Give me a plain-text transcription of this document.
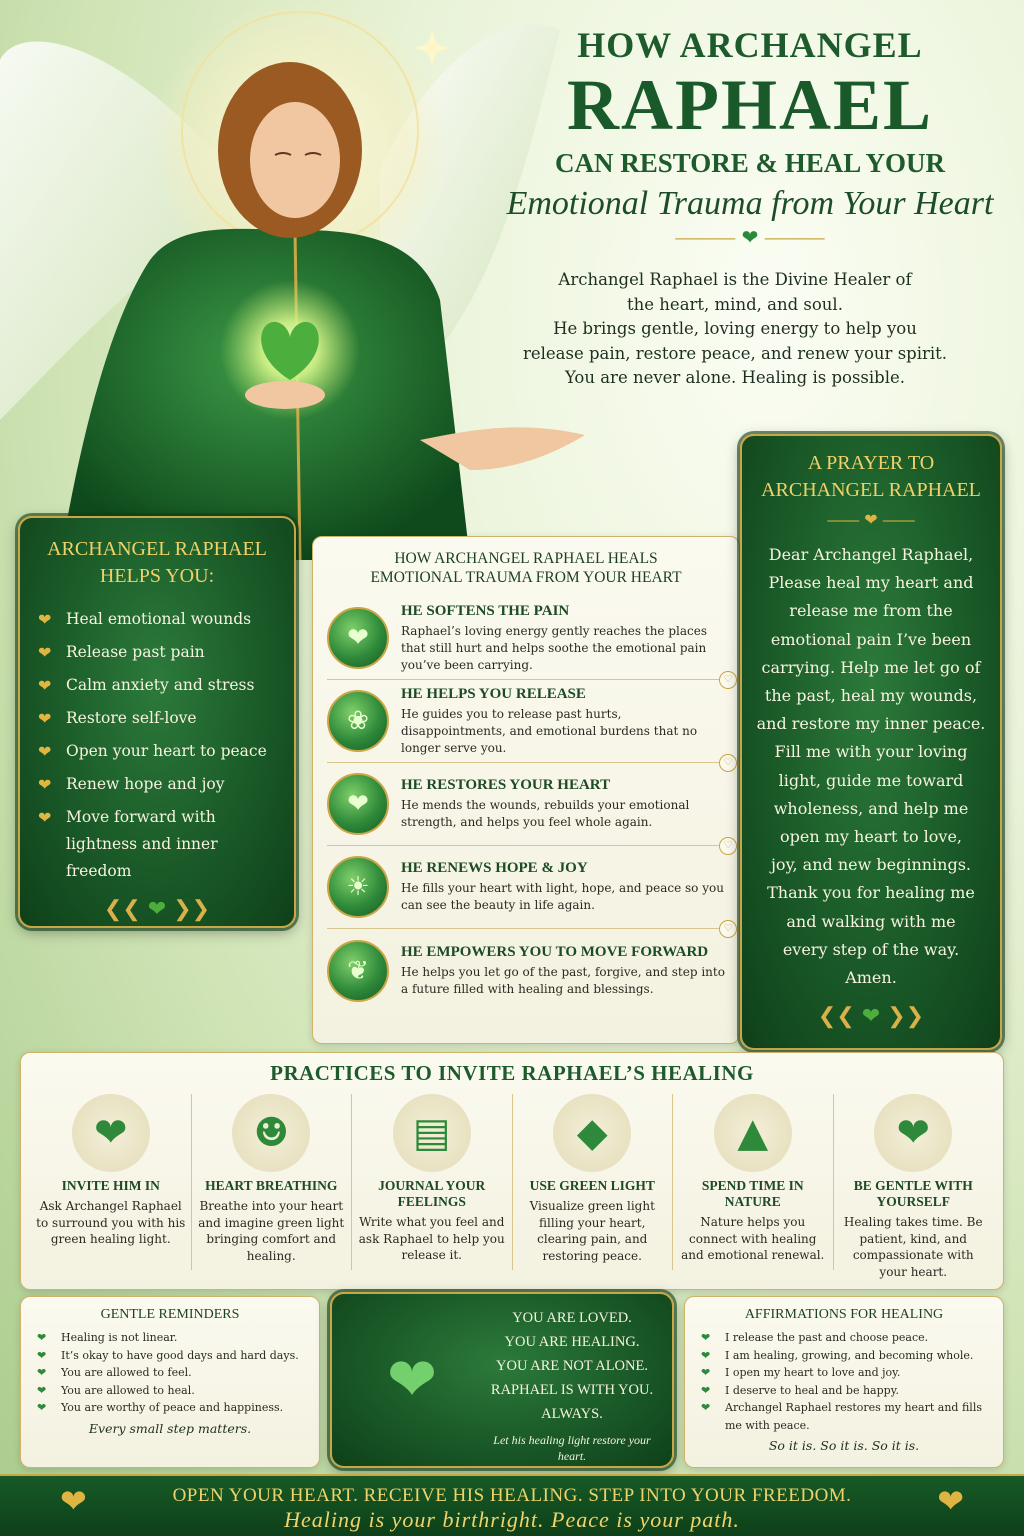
HOW ARCHANGEL
RAPHAEL
CAN RESTORE & HEAL YOUR
Emotional Trauma from Your Heart
――― ❤ ―――
Archangel Raphael is the Divine Healer of
the heart, mind, and soul.
He brings gentle, loving energy to help you
release pain, restore peace, and renew your spirit.
You are never alone. Healing is possible.
ARCHANGEL RAPHAEL
HELPS YOU:
❤ Heal emotional wounds
❤ Release past pain
❤ Calm anxiety and stress
❤ Restore self-love
❤ Open your heart to peace
❤ Renew hope and joy
❤ Move forward with lightness and inner freedom
❮❮ ❤ ❯❯
HOW ARCHANGEL RAPHAEL HEALS
EMOTIONAL TRAUMA FROM YOUR HEART
❤
HE SOFTENS THE PAIN
Raphael’s loving energy gently reaches the places that still hurt and helps soothe the emotional pain you’ve been carrying.
♡
❀
HE HELPS YOU RELEASE
He guides you to release past hurts, disappointments, and emotional burdens that no longer serve you.
♡
❤
HE RESTORES YOUR HEART
He mends the wounds, rebuilds your emotional strength, and helps you feel whole again.
♡
☀
HE RENEWS HOPE & JOY
He fills your heart with light, hope, and peace so you can see the beauty in life again.
♡
❦
HE EMPOWERS YOU TO MOVE FORWARD
He helps you let go of the past, forgive, and step into a future filled with healing and blessings.
A PRAYER TO
ARCHANGEL RAPHAEL
―― ❤ ――

Dear Archangel Raphael,
Please heal my heart and
release me from the
emotional pain I’ve been
carrying. Help me let go of
the past, heal my wounds,
and restore my inner peace.
Fill me with your loving
light, guide me toward
wholeness, and help me
open my heart to love,
joy, and new beginnings.
Thank you for healing me
and walking with me
every step of the way.
Amen.

❮❮ ❤ ❯❯
PRACTICES TO INVITE RAPHAEL’S HEALING
❤
INVITE HIM IN
Ask Archangel Raphael to surround you with his green healing light.
☻
HEART BREATHING
Breathe into your heart and imagine green light bringing comfort and healing.
▤
JOURNAL YOUR FEELINGS
Write what you feel and ask Raphael to help you release it.
◆
USE GREEN LIGHT
Visualize green light filling your heart, clearing pain, and restoring peace.
▲
SPEND TIME IN NATURE
Nature helps you connect with healing and emotional renewal.
❤
BE GENTLE WITH YOURSELF
Healing takes time. Be patient, kind, and compassionate with your heart.
GENTLE REMINDERS
❤	Healing is not linear.
❤	It’s okay to have good days and hard days.
❤	You are allowed to feel.
❤	You are allowed to heal.
❤	You are worthy of peace and happiness.
Every small step matters.
❤
YOU ARE LOVED.
YOU ARE HEALING.
YOU ARE NOT ALONE.
RAPHAEL IS WITH YOU.
ALWAYS.
Let his healing light restore your heart.
AFFIRMATIONS FOR HEALING
❤	I release the past and choose peace.
❤	I am healing, growing, and becoming whole.
❤	I open my heart to love and joy.
❤	I deserve to heal and be happy.
❤	Archangel Raphael restores my heart and fills me with peace.
So it is. So it is. So it is.
❤	OPEN YOUR HEART. RECEIVE HIS HEALING. STEP INTO YOUR FREEDOM.
Healing is your birthright. Peace is your path.	❤
